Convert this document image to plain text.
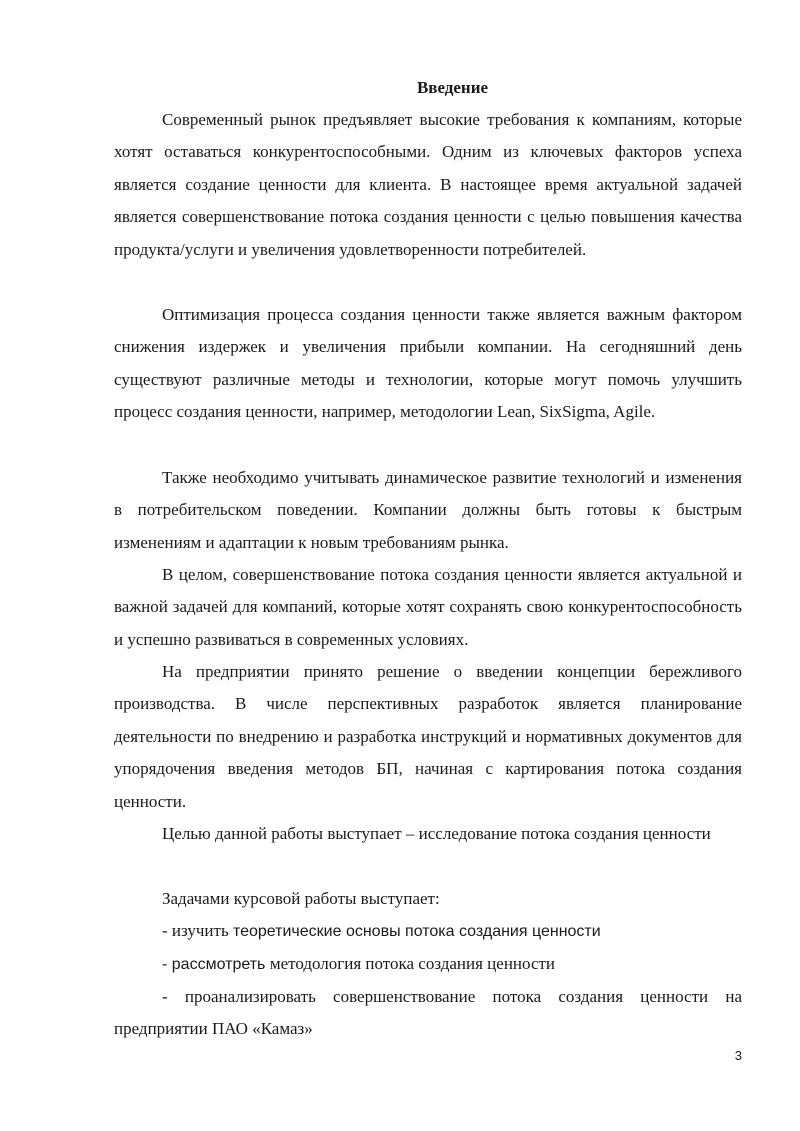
Введение

Современный рынок предъявляет высокие требования к компаниям, которые хотят оставаться конкурентоспособными. Одним из ключевых факторов успеха является создание ценности для клиента. В настоящее время актуальной задачей является совершенствование потока создания ценности с целью повышения качества продукта/услуги и увеличения удовлетворенности потребителей.

Оптимизация процесса создания ценности также является важным фактором снижения издержек и увеличения прибыли компании. На сегодняшний день существуют различные методы и технологии, которые могут помочь улучшить процесс создания ценности, например, методологии Lean, SixSigma, Agile.

Также необходимо учитывать динамическое развитие технологий и изменения в потребительском поведении. Компании должны быть готовы к быстрым изменениям и адаптации к новым требованиям рынка.

В целом, совершенствование потока создания ценности является актуальной и важной задачей для компаний, которые хотят сохранять свою конкурентоспособность и успешно развиваться в современных условиях.

На предприятии принято решение о введении концепции бережливого производства. В числе перспективных разработок является планирование деятельности по внедрению и разработка инструкций и нормативных документов для упорядочения введения методов БП, начиная с картирования потока создания ценности.

Целью данной работы выступает – исследование потока создания ценности

Задачами курсовой работы выступает:
- изучить теоретические основы потока создания ценности
- рассмотреть методология потока создания ценности

- проанализировать совершенствование потока создания ценности на предприятии ПАО «Камаз»

3
